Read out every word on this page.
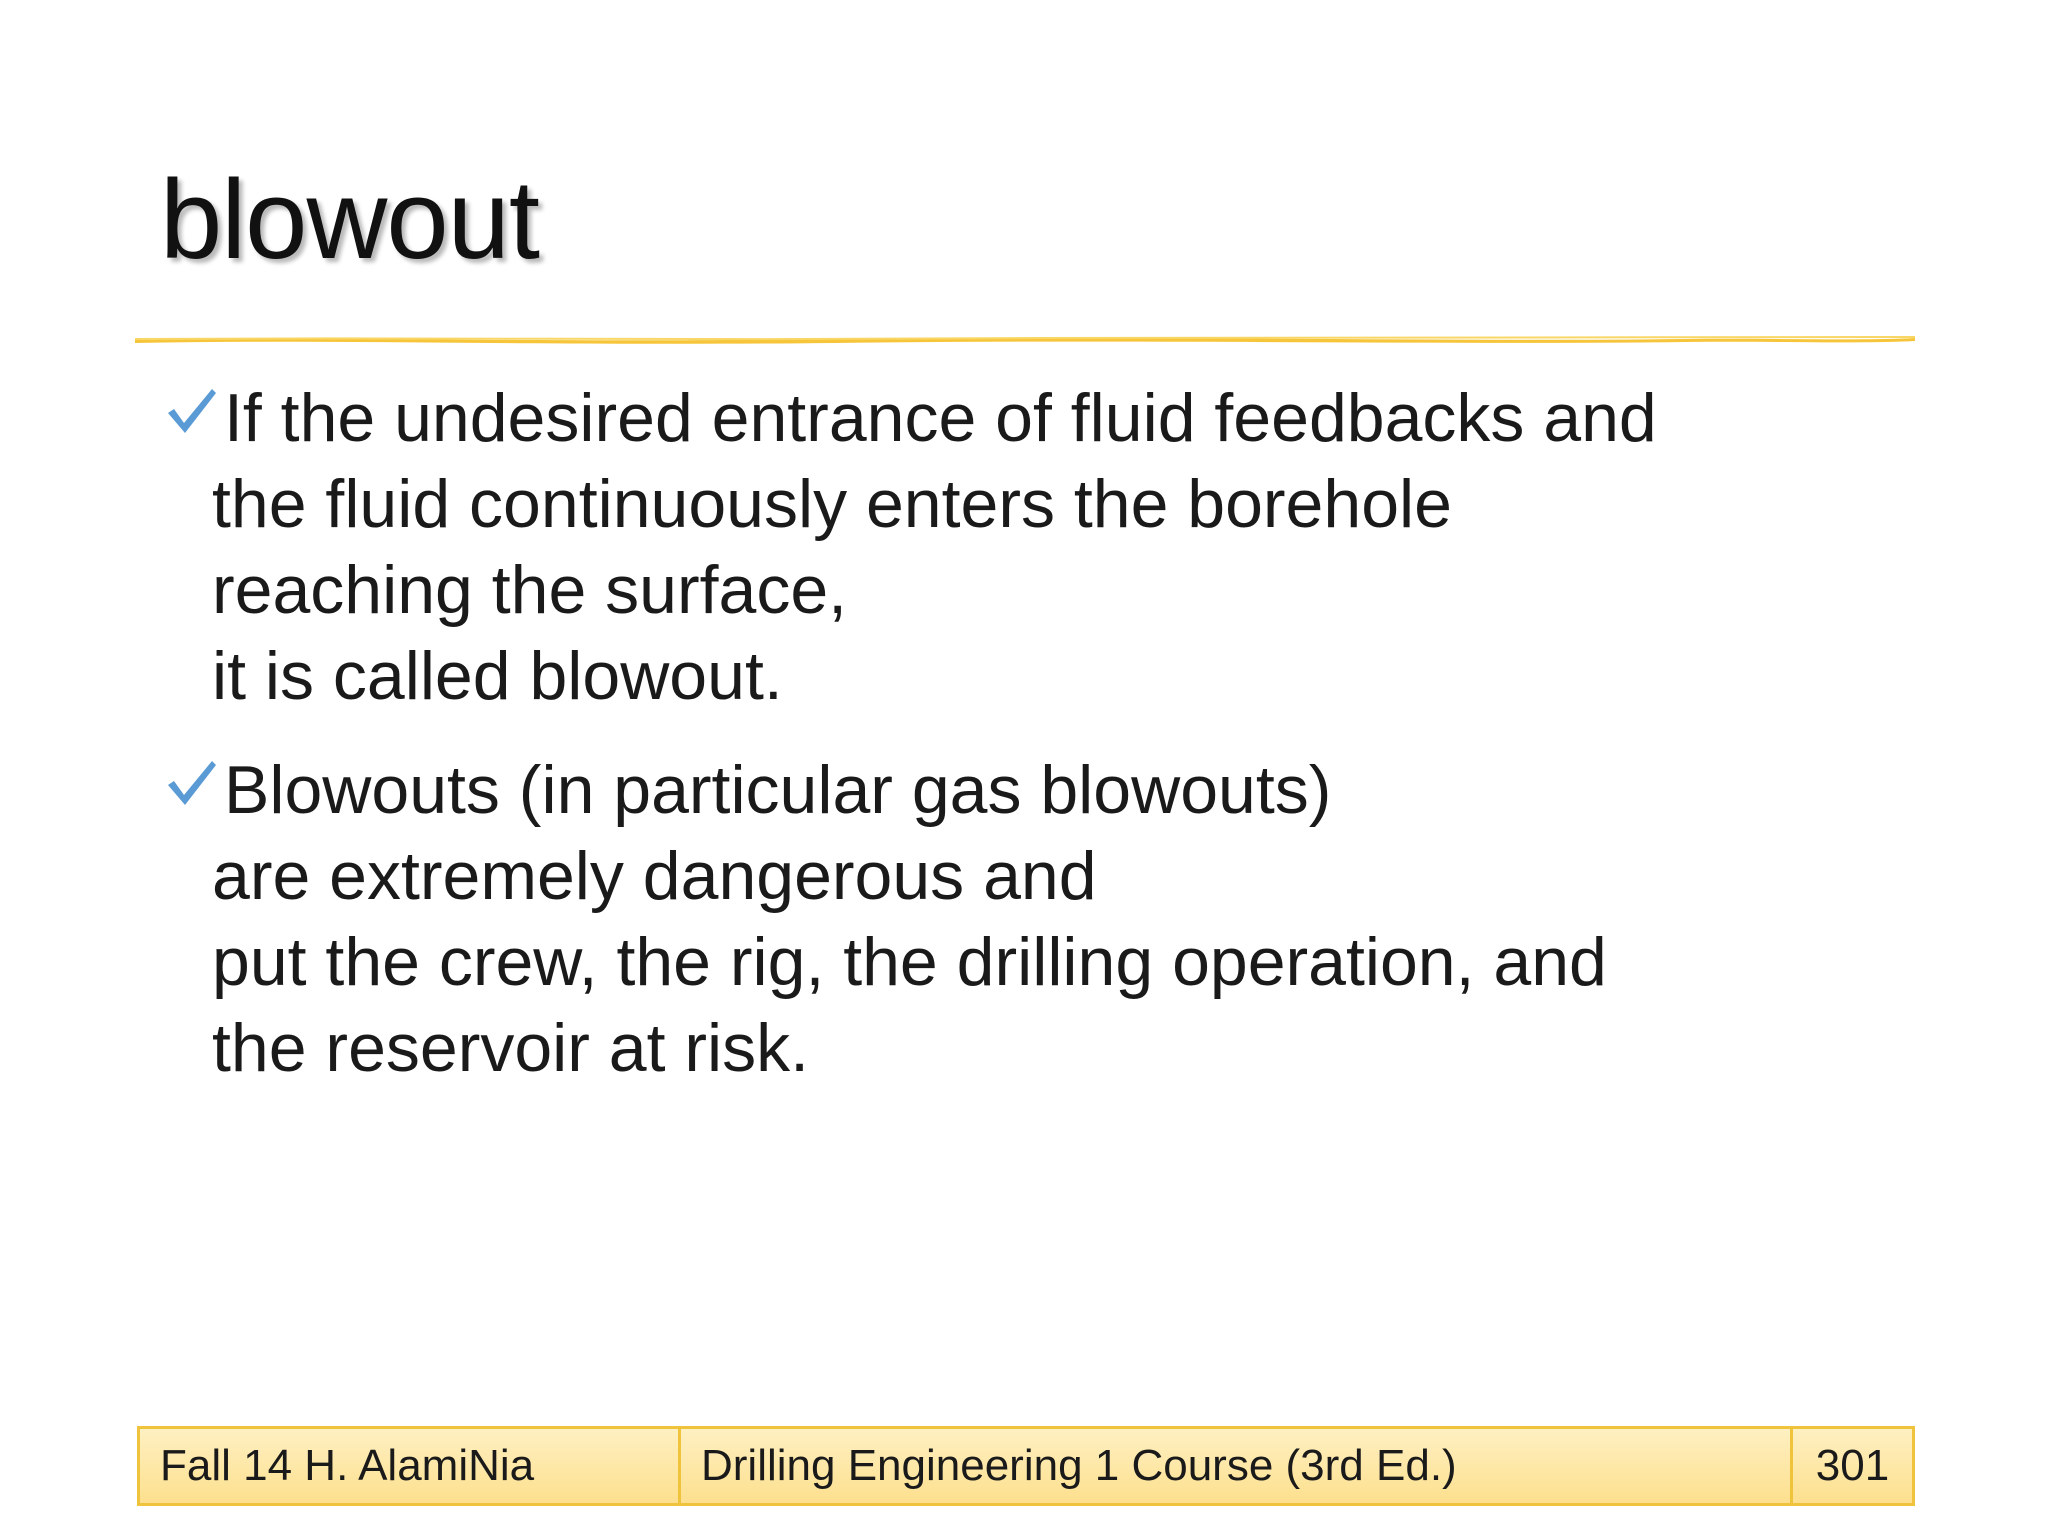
blowout
If the undesired entrance of fluid feedbacks and
the fluid continuously enters the borehole
reaching the surface,
it is called blowout.
Blowouts (in particular gas blowouts)
are extremely dangerous and
put the crew, the rig, the drilling operation, and
the reservoir at risk.
Fall 14 H. AlamiNia	Drilling Engineering 1 Course (3rd Ed.)	301
